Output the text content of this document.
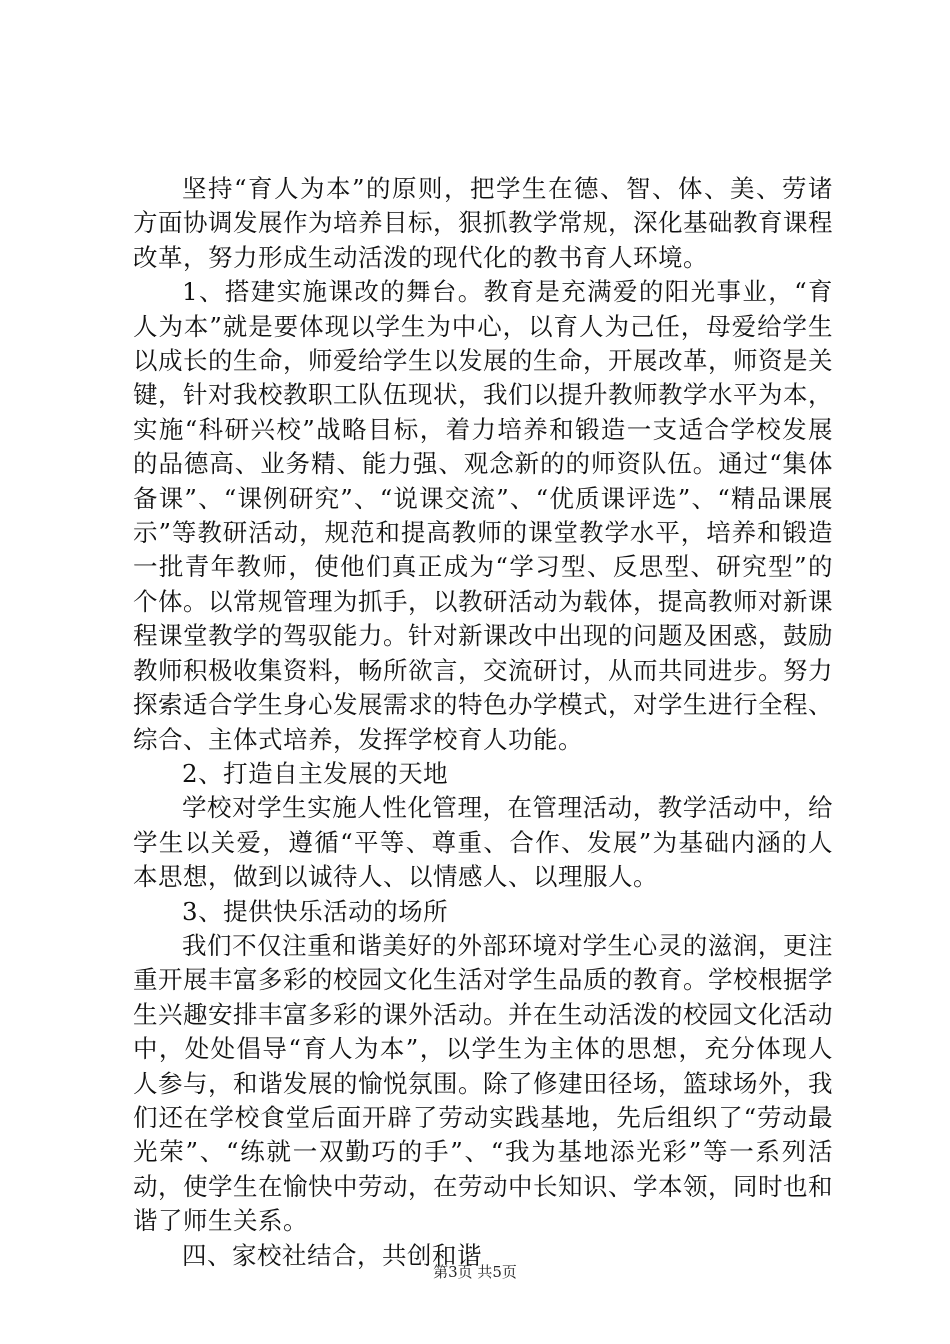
坚持“育人为本”的原则，把学生在德、智、体、美、劳诸方面协调发展作为培养目标，狠抓教学常规，深化基础教育课程改革，努力形成生动活泼的现代化的教书育人环境。

1、搭建实施课改的舞台。教育是充满爱的阳光事业，“育人为本”就是要体现以学生为中心，以育人为己任，母爱给学生以成长的生命，师爱给学生以发展的生命，开展改革，师资是关键，针对我校教职工队伍现状，我们以提升教师教学水平为本，实施“科研兴校”战略目标，着力培养和锻造一支适合学校发展的品德高、业务精、能力强、观念新的的师资队伍。通过“集体备课”、“课例研究”、“说课交流”、“优质课评选”、“精品课展示”等教研活动，规范和提高教师的课堂教学水平，培养和锻造一批青年教师，使他们真正成为“学习型、反思型、研究型”的个体。以常规管理为抓手，以教研活动为载体，提高教师对新课程课堂教学的驾驭能力。针对新课改中出现的问题及困惑，鼓励教师积极收集资料，畅所欲言，交流研讨，从而共同进步。努力探索适合学生身心发展需求的特色办学模式，对学生进行全程、综合、主体式培养，发挥学校育人功能。

2、打造自主发展的天地

学校对学生实施人性化管理，在管理活动，教学活动中，给学生以关爱，遵循“平等、尊重、合作、发展”为基础内涵的人本思想，做到以诚待人、以情感人、以理服人。

3、提供快乐活动的场所

我们不仅注重和谐美好的外部环境对学生心灵的滋润，更注重开展丰富多彩的校园文化生活对学生品质的教育。学校根据学生兴趣安排丰富多彩的课外活动。并在生动活泼的校园文化活动中，处处倡导“育人为本”，以学生为主体的思想，充分体现人人参与，和谐发展的愉悦氛围。除了修建田径场，篮球场外，我们还在学校食堂后面开辟了劳动实践基地，先后组织了“劳动最光荣”、“练就一双勤巧的手”、“我为基地添光彩”等一系列活动，使学生在愉快中劳动，在劳动中长知识、学本领，同时也和谐了师生关系。

四、家校社结合，共创和谐

第3页 共5页
